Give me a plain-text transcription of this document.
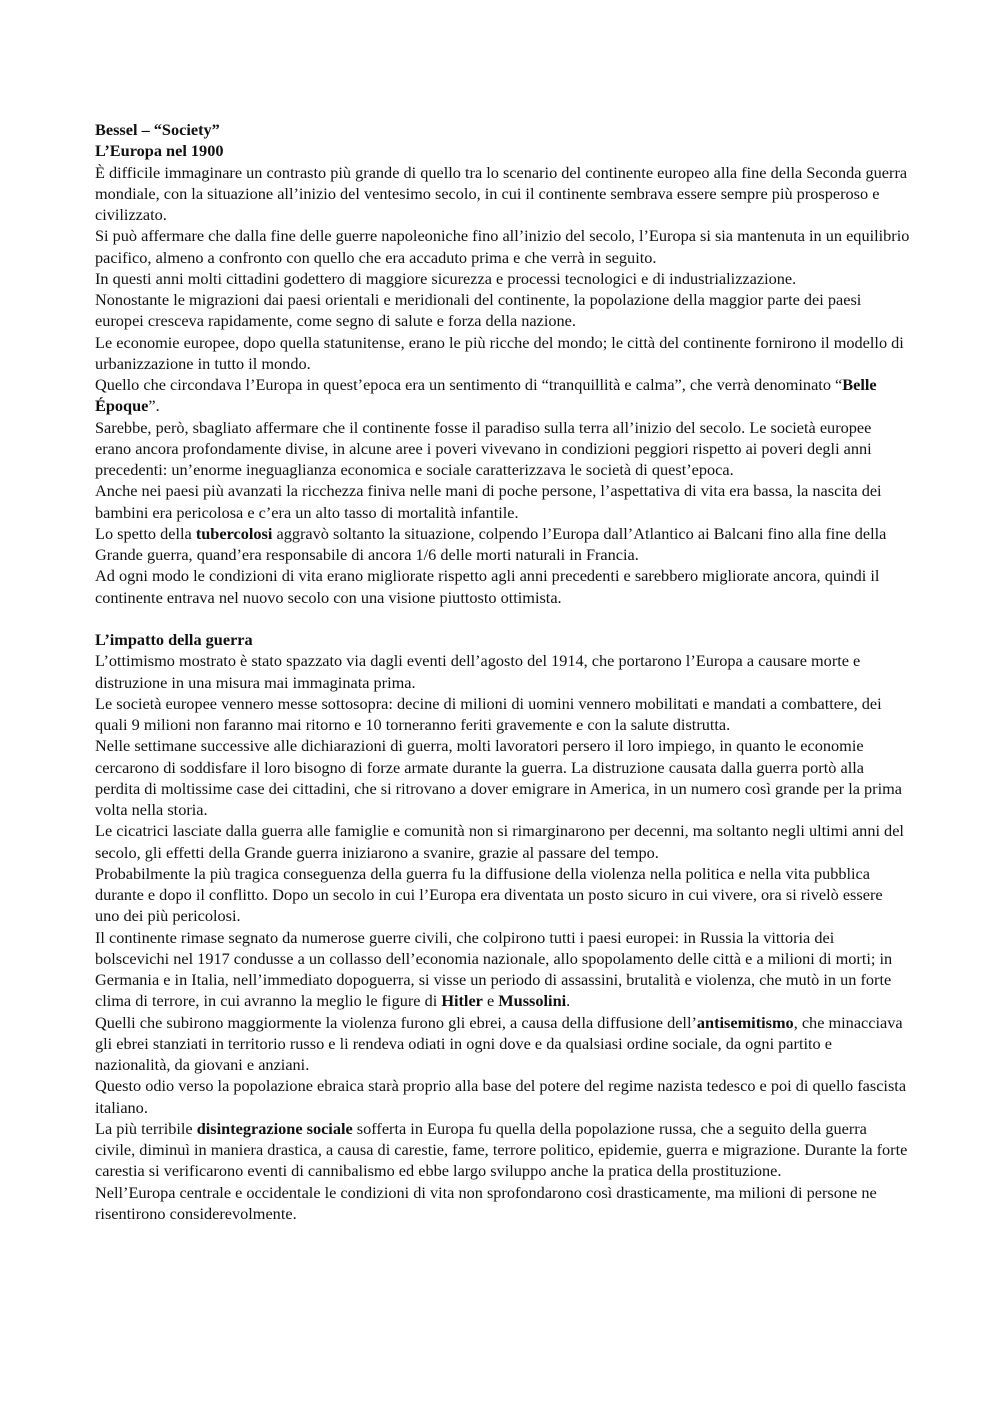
Bessel – “Society”

L’Europa nel 1900

È difficile immaginare un contrasto più grande di quello tra lo scenario del continente europeo alla fine della Seconda guerra mondiale, con la situazione all’inizio del ventesimo secolo, in cui il continente sembrava essere sempre più prosperoso e civilizzato.

Si può affermare che dalla fine delle guerre napoleoniche fino all’inizio del secolo, l’Europa si sia mantenuta in un equilibrio pacifico, almeno a confronto con quello che era accaduto prima e che verrà in seguito.

In questi anni molti cittadini godettero di maggiore sicurezza e processi tecnologici e di industrializzazione.

Nonostante le migrazioni dai paesi orientali e meridionali del continente, la popolazione della maggior parte dei paesi europei cresceva rapidamente, come segno di salute e forza della nazione.

Le economie europee, dopo quella statunitense, erano le più ricche del mondo; le città del continente fornirono il modello di urbanizzazione in tutto il mondo.

Quello che circondava l’Europa in quest’epoca era un sentimento di “tranquillità e calma”, che verrà denominato “Belle Époque”.

Sarebbe, però, sbagliato affermare che il continente fosse il paradiso sulla terra all’inizio del secolo. Le società europee erano ancora profondamente divise, in alcune aree i poveri vivevano in condizioni peggiori rispetto ai poveri degli anni precedenti: un’enorme ineguaglianza economica e sociale caratterizzava le società di quest’epoca.

Anche nei paesi più avanzati la ricchezza finiva nelle mani di poche persone, l’aspettativa di vita era bassa, la nascita dei bambini era pericolosa e c’era un alto tasso di mortalità infantile.

Lo spetto della tubercolosi aggravò soltanto la situazione, colpendo l’Europa dall’Atlantico ai Balcani fino alla fine della Grande guerra, quand’era responsabile di ancora 1/6 delle morti naturali in Francia.

Ad ogni modo le condizioni di vita erano migliorate rispetto agli anni precedenti e sarebbero migliorate ancora, quindi il continente entrava nel nuovo secolo con una visione piuttosto ottimista.

L’impatto della guerra

L’ottimismo mostrato è stato spazzato via dagli eventi dell’agosto del 1914, che portarono l’Europa a causare morte e distruzione in una misura mai immaginata prima.

Le società europee vennero messe sottosopra: decine di milioni di uomini vennero mobilitati e mandati a combattere, dei quali 9 milioni non faranno mai ritorno e 10 torneranno feriti gravemente e con la salute distrutta.

Nelle settimane successive alle dichiarazioni di guerra, molti lavoratori persero il loro impiego, in quanto le economie cercarono di soddisfare il loro bisogno di forze armate durante la guerra. La distruzione causata dalla guerra portò alla perdita di moltissime case dei cittadini, che si ritrovano a dover emigrare in America, in un numero così grande per la prima volta nella storia.

Le cicatrici lasciate dalla guerra alle famiglie e comunità non si rimarginarono per decenni, ma soltanto negli ultimi anni del secolo, gli effetti della Grande guerra iniziarono a svanire, grazie al passare del tempo.

Probabilmente la più tragica conseguenza della guerra fu la diffusione della violenza nella politica e nella vita pubblica durante e dopo il conflitto. Dopo un secolo in cui l’Europa era diventata un posto sicuro in cui vivere, ora si rivelò essere uno dei più pericolosi.

Il continente rimase segnato da numerose guerre civili, che colpirono tutti i paesi europei: in Russia la vittoria dei bolscevichi nel 1917 condusse a un collasso dell’economia nazionale, allo spopolamento delle città e a milioni di morti; in Germania e in Italia, nell’immediato dopoguerra, si visse un periodo di assassini, brutalità e violenza, che mutò in un forte clima di terrore, in cui avranno la meglio le figure di Hitler e Mussolini.

Quelli che subirono maggiormente la violenza furono gli ebrei, a causa della diffusione dell’antisemitismo, che minacciava gli ebrei stanziati in territorio russo e li rendeva odiati in ogni dove e da qualsiasi ordine sociale, da ogni partito e nazionalità, da giovani e anziani.

Questo odio verso la popolazione ebraica starà proprio alla base del potere del regime nazista tedesco e poi di quello fascista italiano.

La più terribile disintegrazione sociale sofferta in Europa fu quella della popolazione russa, che a seguito della guerra civile, diminuì in maniera drastica, a causa di carestie, fame, terrore politico, epidemie, guerra e migrazione. Durante la forte carestia si verificarono eventi di cannibalismo ed ebbe largo sviluppo anche la pratica della prostituzione.

Nell’Europa centrale e occidentale le condizioni di vita non sprofondarono così drasticamente, ma milioni di persone ne risentirono considerevolmente.
